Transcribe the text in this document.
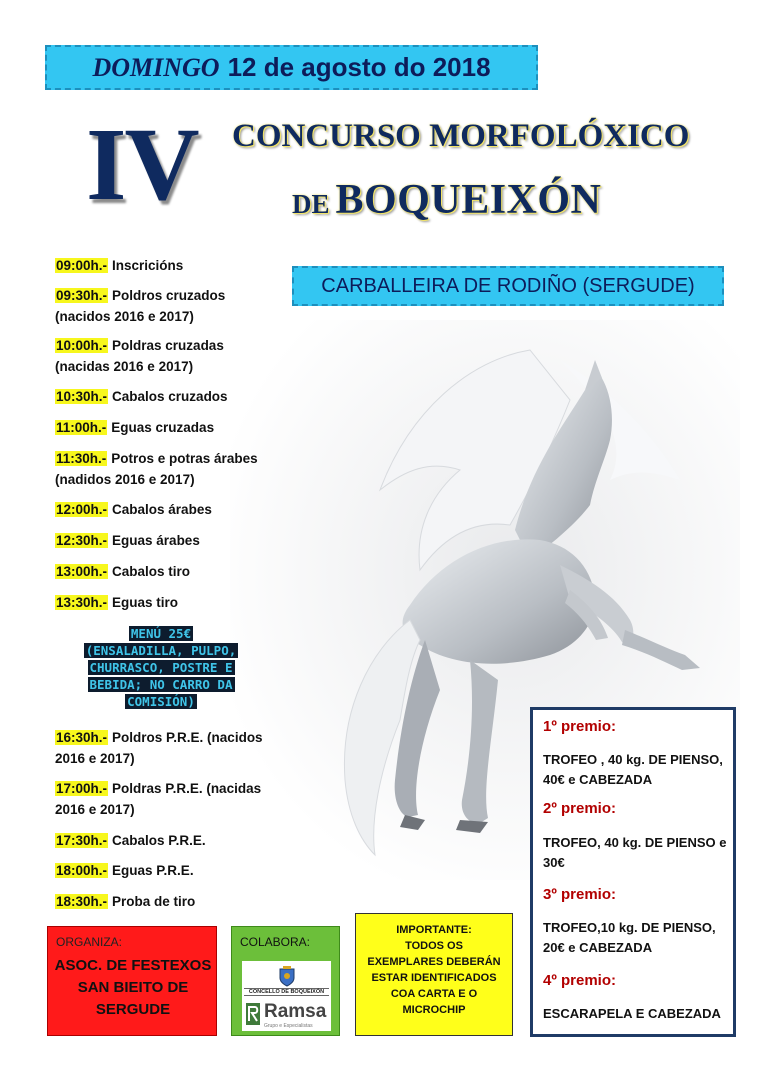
DOMINGO 12 de agosto do 2018
IV	CONCURSO MORFOLÓXICO
DE BOQUEIXÓN
CARBALLEIRA DE RODIÑO (SERGUDE)
09:00h.- Inscricións
09:30h.- Poldros cruzados
(nacidos 2016 e 2017)
10:00h.- Poldras cruzadas
(nacidas 2016 e 2017)
10:30h.- Cabalos cruzados
11:00h.- Eguas cruzadas
11:30h.- Potros e potras árabes
(nadidos 2016 e 2017)
12:00h.- Cabalos árabes
12:30h.- Eguas árabes
13:00h.- Cabalos tiro
13:30h.- Eguas tiro
16:30h.- Poldros P.R.E. (nacidos
2016 e 2017)
17:00h.- Poldras P.R.E. (nacidas
2016 e 2017)
17:30h.- Cabalos P.R.E.
18:00h.- Eguas P.R.E.
18:30h.- Proba de tiro
MENÚ 25€
(ENSALADILLA, PULPO,
CHURRASCO, POSTRE E
BEBIDA; NO CARRO DA
COMISIÓN)
1º premio:
TROFEO , 40 kg. DE PIENSO, 40€ e CABEZADA
2º premio:
TROFEO, 40 kg. DE PIENSO e 30€
3º premio:
TROFEO,10 kg. DE PIENSO, 20€ e CABEZADA
4º premio:
ESCARAPELA E CABEZADA
ORGANIZA:
ASOC. DE FESTEXOS
SAN BIEITO DE
SERGUDE
COLABORA:
CONCELLO DE BOQUEIXÓN
Ramsa
Grupo e Especialistas
IMPORTANTE:
TODOS OS
EXEMPLARES DEBERÁN
ESTAR IDENTIFICADOS
COA CARTA E O
MICROCHIP
